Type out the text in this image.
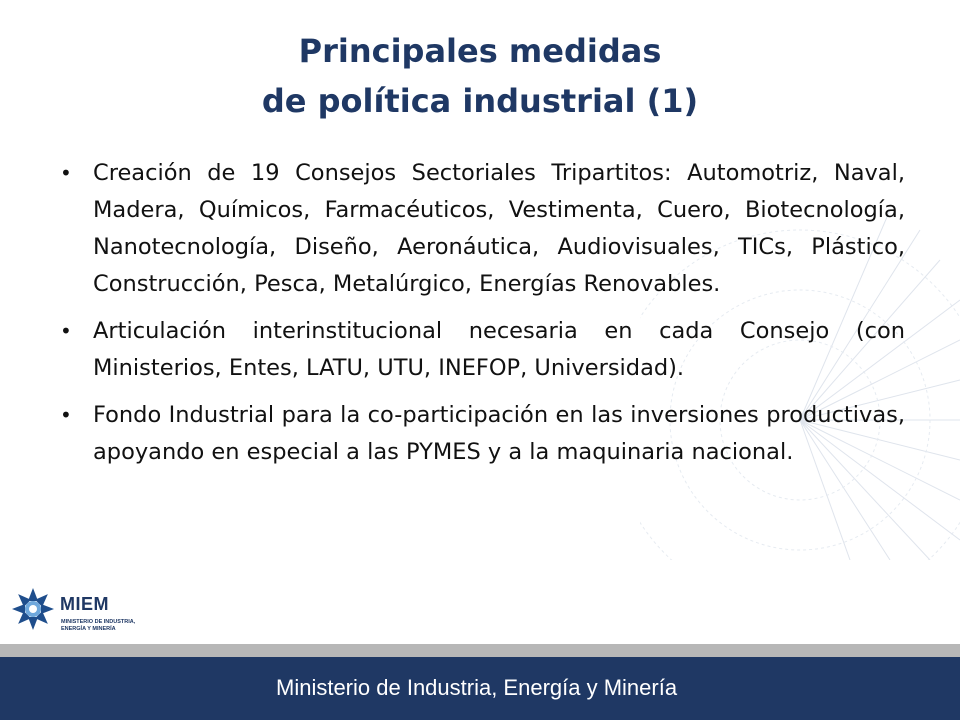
Principales medidas
de política industrial (1)
• Creación de 19 Consejos Sectoriales Tripartitos: Automotriz, Naval, Madera, Químicos, Farmacéuticos, Vestimenta, Cuero, Biotecnología, Nanotecnología, Diseño, Aeronáutica, Audiovisuales, TICs, Plástico, Construcción, Pesca, Metalúrgico, Energías Renovables.
• Articulación interinstitucional necesaria en cada Consejo (con Ministerios, Entes, LATU, UTU, INEFOP, Universidad).
• Fondo Industrial para la co-participación en las inversiones productivas, apoyando en especial a las PYMES y a la maquinaria nacional.
MIEM
MINISTERIO DE INDUSTRIA,
ENERGÍA Y MINERÍA
Ministerio de Industria, Energía y Minería
